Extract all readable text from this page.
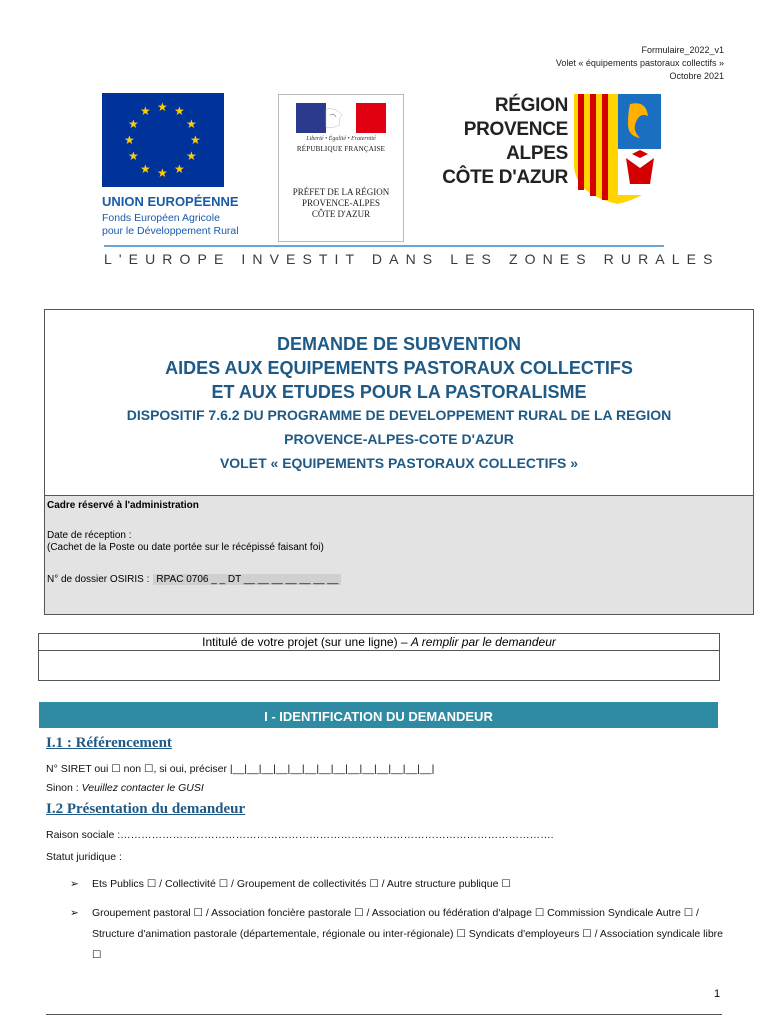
Formulaire_2022_v1
Volet « équipements pastoraux collectifs »
Octobre 2021
★ ★
★
★
★
★
★
★
★
★
★
★
UNION EUROPÉENNE
Fonds Européen Agricole
pour le Développement Rural
Liberté • Égalité • Fraternité
RÉPUBLIQUE FRANÇAISE
PRÉFET DE LA RÉGION
PROVENCE-ALPES
CÔTE D'AZUR
RÉGION
PROVENCE
ALPES
CÔTE D'AZUR
L'EUROPE INVESTIT DANS LES ZONES RURALES
DEMANDE DE SUBVENTION
AIDES AUX EQUIPEMENTS PASTORAUX COLLECTIFS
ET AUX ETUDES POUR LA PASTORALISME
DISPOSITIF 7.6.2 DU PROGRAMME DE DEVELOPPEMENT RURAL DE LA REGION
PROVENCE-ALPES-COTE D'AZUR
VOLET « EQUIPEMENTS PASTORAUX COLLECTIFS »
Cadre réservé à l'administration
Date de réception :
(Cachet de la Poste ou date portée sur le récépissé faisant foi)
N° de dossier OSIRIS : RPAC 0706 _ _ DT __ __ __ __ __ __ __
Intitulé de votre projet (sur une ligne) – A remplir par le demandeur
I - IDENTIFICATION DU DEMANDEUR
I.1 : Référencement
N° SIRET oui ☐ non ☐, si oui, préciser |__|__|__|__|__|__|__|__|__|__|__|__|__|__|
Sinon : Veuillez contacter le GUSI
I.2 Présentation du demandeur
Raison sociale :…………………………………………………………………………………………………………….
Statut juridique :
➢ Ets Publics ☐ / Collectivité ☐ / Groupement de collectivités ☐ / Autre structure publique ☐
➢ Groupement pastoral ☐ / Association foncière pastorale ☐ / Association ou fédération d'alpage ☐ Commission Syndicale Autre ☐ / Structure d'animation pastorale (départementale, régionale ou inter-régionale) ☐ Syndicats d'employeurs ☐ / Association syndicale libre ☐
1
